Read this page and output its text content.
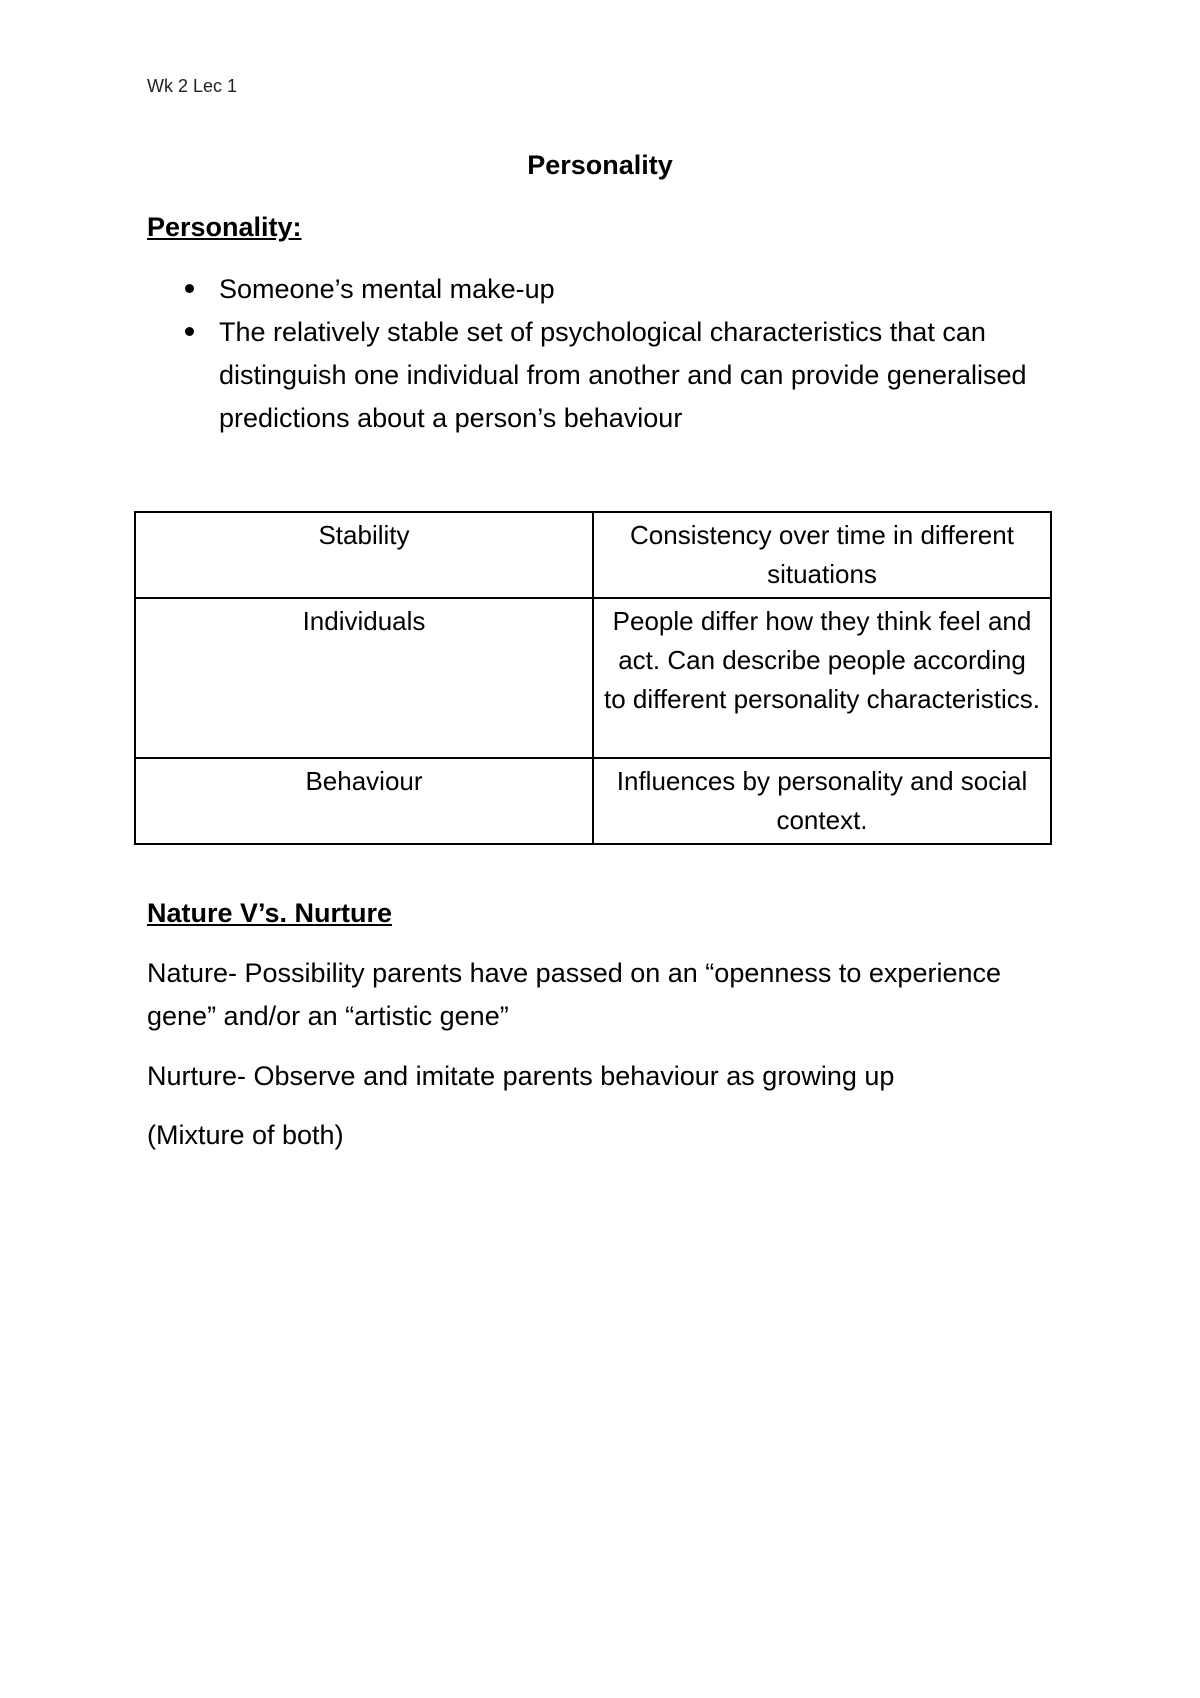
Wk 2 Lec 1
Personality
Personality:
Someone’s mental make-up
The relatively stable set of psychological characteristics that can distinguish one individual from another and can provide generalised predictions about a person’s behaviour
Stability	Consistency over time in different situations
Individuals	People differ how they think feel and act. Can describe people according to different personality characteristics.
Behaviour	Influences by personality and social context.
Nature V’s. Nurture
Nature- Possibility parents have passed on an “openness to experience gene” and/or an “artistic gene”
Nurture- Observe and imitate parents behaviour as growing up
(Mixture of both)
